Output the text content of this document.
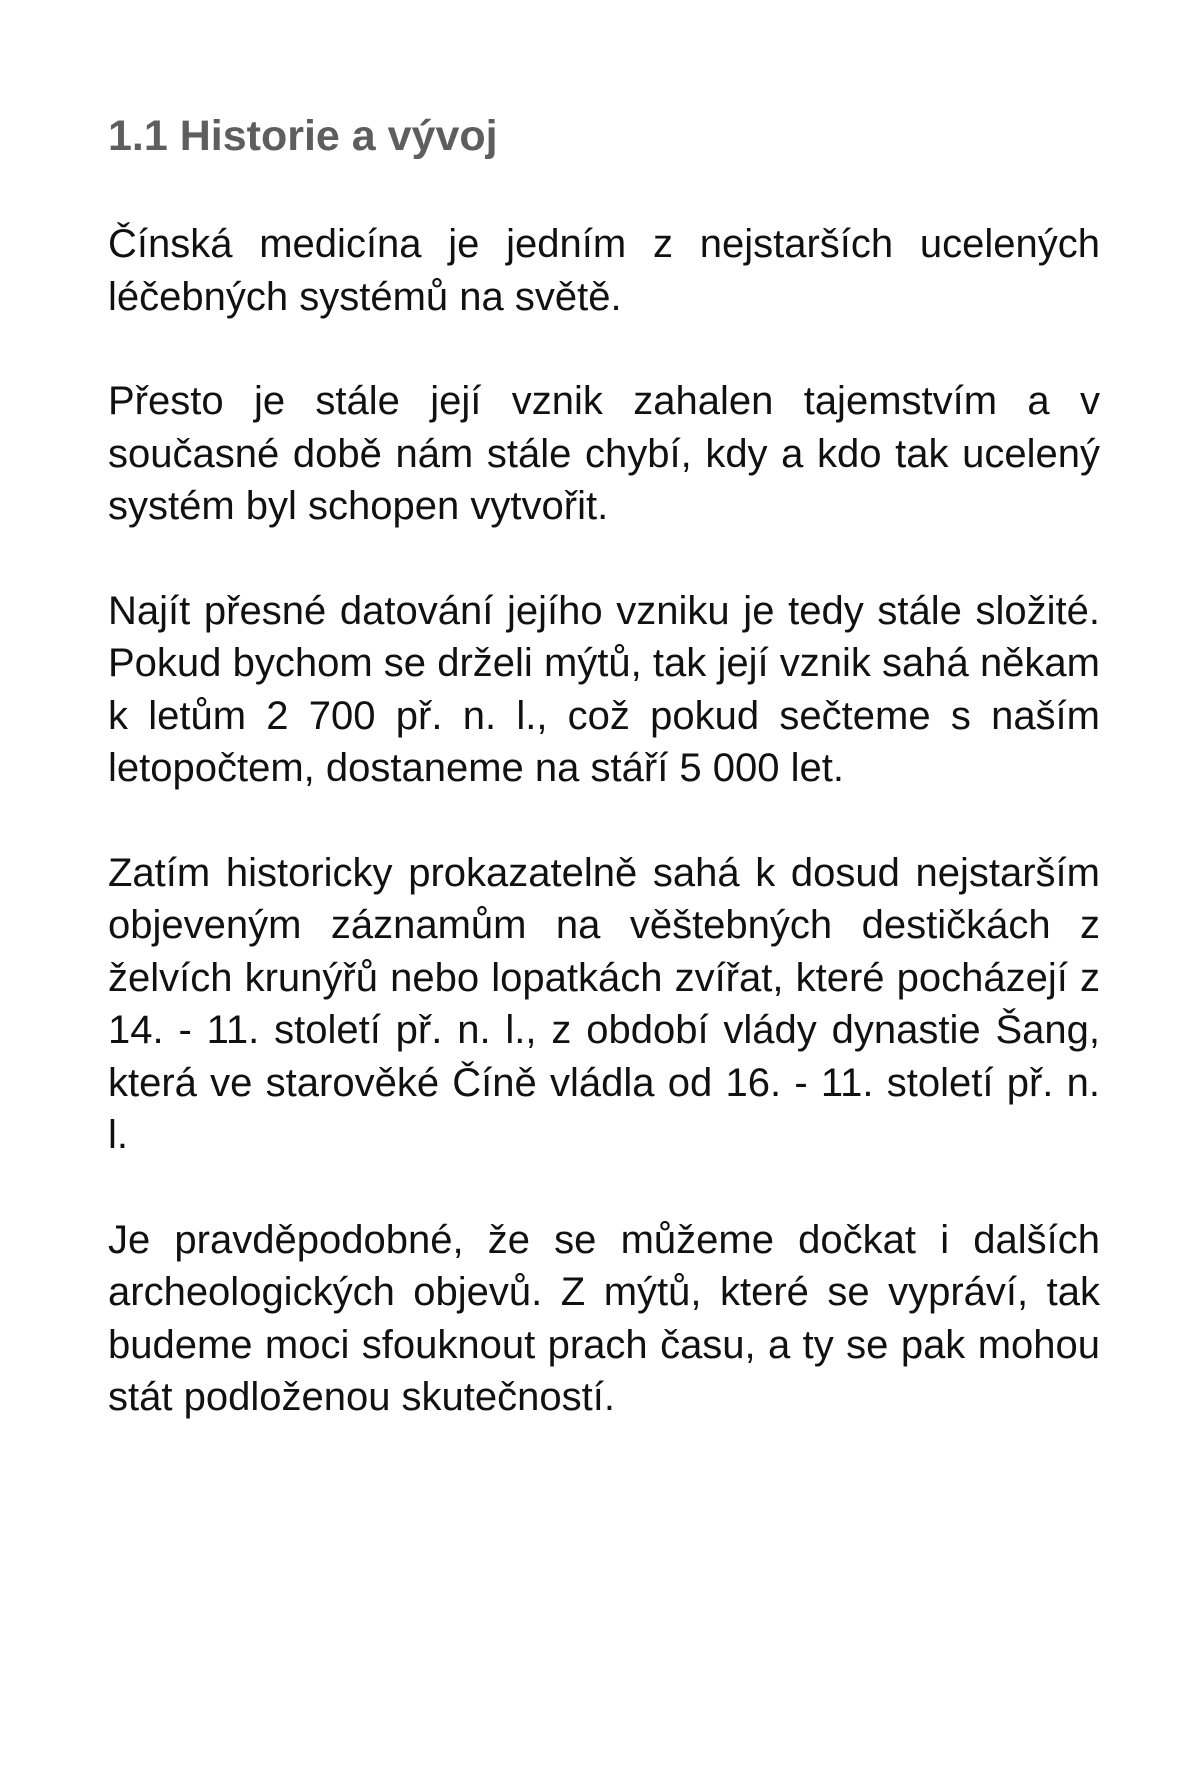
1.1 Historie a vývoj

Čínská medicína je jedním z nejstarších ucelených léčebných systémů na světě.

Přesto je stále její vznik zahalen tajemstvím a v současné době nám stále chybí, kdy a kdo tak ucelený systém byl schopen vytvořit.

Najít přesné datování jejího vzniku je tedy stále složité. Pokud bychom se drželi mýtů, tak její vznik sahá někam k letům 2 700 př. n. l., což pokud sečteme s naším letopočtem, dostaneme na stáří 5 000 let.

Zatím historicky prokazatelně sahá k dosud nejstarším objeveným záznamům na věštebných destičkách z želvích krunýřů nebo lopatkách zvířat, které pocházejí z 14. - 11. století př. n. l., z období vlády dynastie Šang, která ve starověké Číně vládla od 16. - 11. století př. n. l.

Je pravděpodobné, že se můžeme dočkat i dalších archeologických objevů. Z mýtů, které se vypráví, tak budeme moci sfouknout prach času, a ty se pak mohou stát podloženou skutečností.
